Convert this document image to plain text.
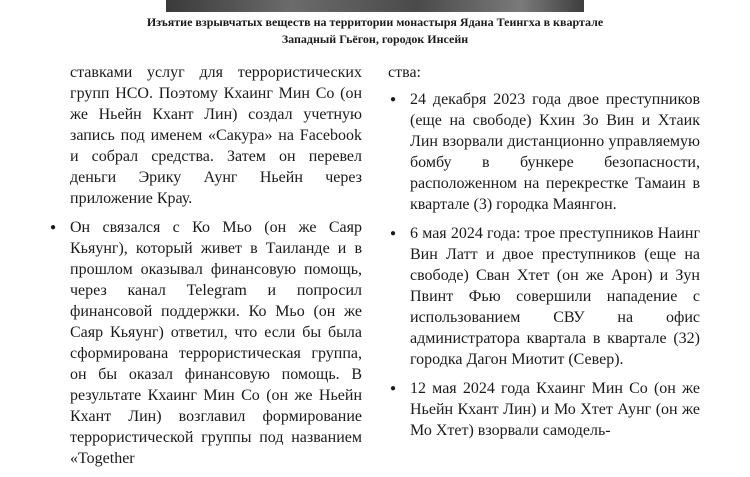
Изъятие взрывчатых веществ на территории монастыря Ядана Теингха в квартале
Западный Гьёгон, городок Инсейн

ставками услуг для террористических групп НСО. Поэтому Кхаинг Мин Со (он же Ньейн Кхант Лин) создал учетную запись под именем «Сакура» на Facebook и собрал средства. Затем он перевел деньги Эрику Аунг Ньейн через приложение Крау.

● Он связался с Ко Мьо (он же Саяр Кьяунг), который живет в Таиланде и в прошлом оказывал финансовую помощь, через канал Telegram и попросил финансовой поддержки. Ко Мьо (он же Саяр Кьяунг) ответил, что если бы была сформирована террористическая группа, он бы оказал финансовую помощь. В результате Кхаинг Мин Со (он же Ньейн Кхант Лин) возглавил формирование террористической группы под названием «Together

ства:

● 24 декабря 2023 года двое преступников (еще на свободе) Кхин Зо Вин и Хтаик Лин взорвали дистанционно управляемую бомбу в бункере безопасности, расположенном на перекрестке Тамаин в квартале (3) городка Маянгон.
● 6 мая 2024 года: трое преступников Наинг Вин Латт и двое преступников (еще на свободе) Сван Хтет (он же Арон) и Зун Пвинт Фью совершили нападение с использованием СВУ на офис администратора квартала в квартале (32) городка Дагон Миотит (Север).
● 12 мая 2024 года Кхаинг Мин Со (он же Ньейн Кхант Лин) и Мо Хтет Аунг (он же Мо Хтет) взорвали самодель-
